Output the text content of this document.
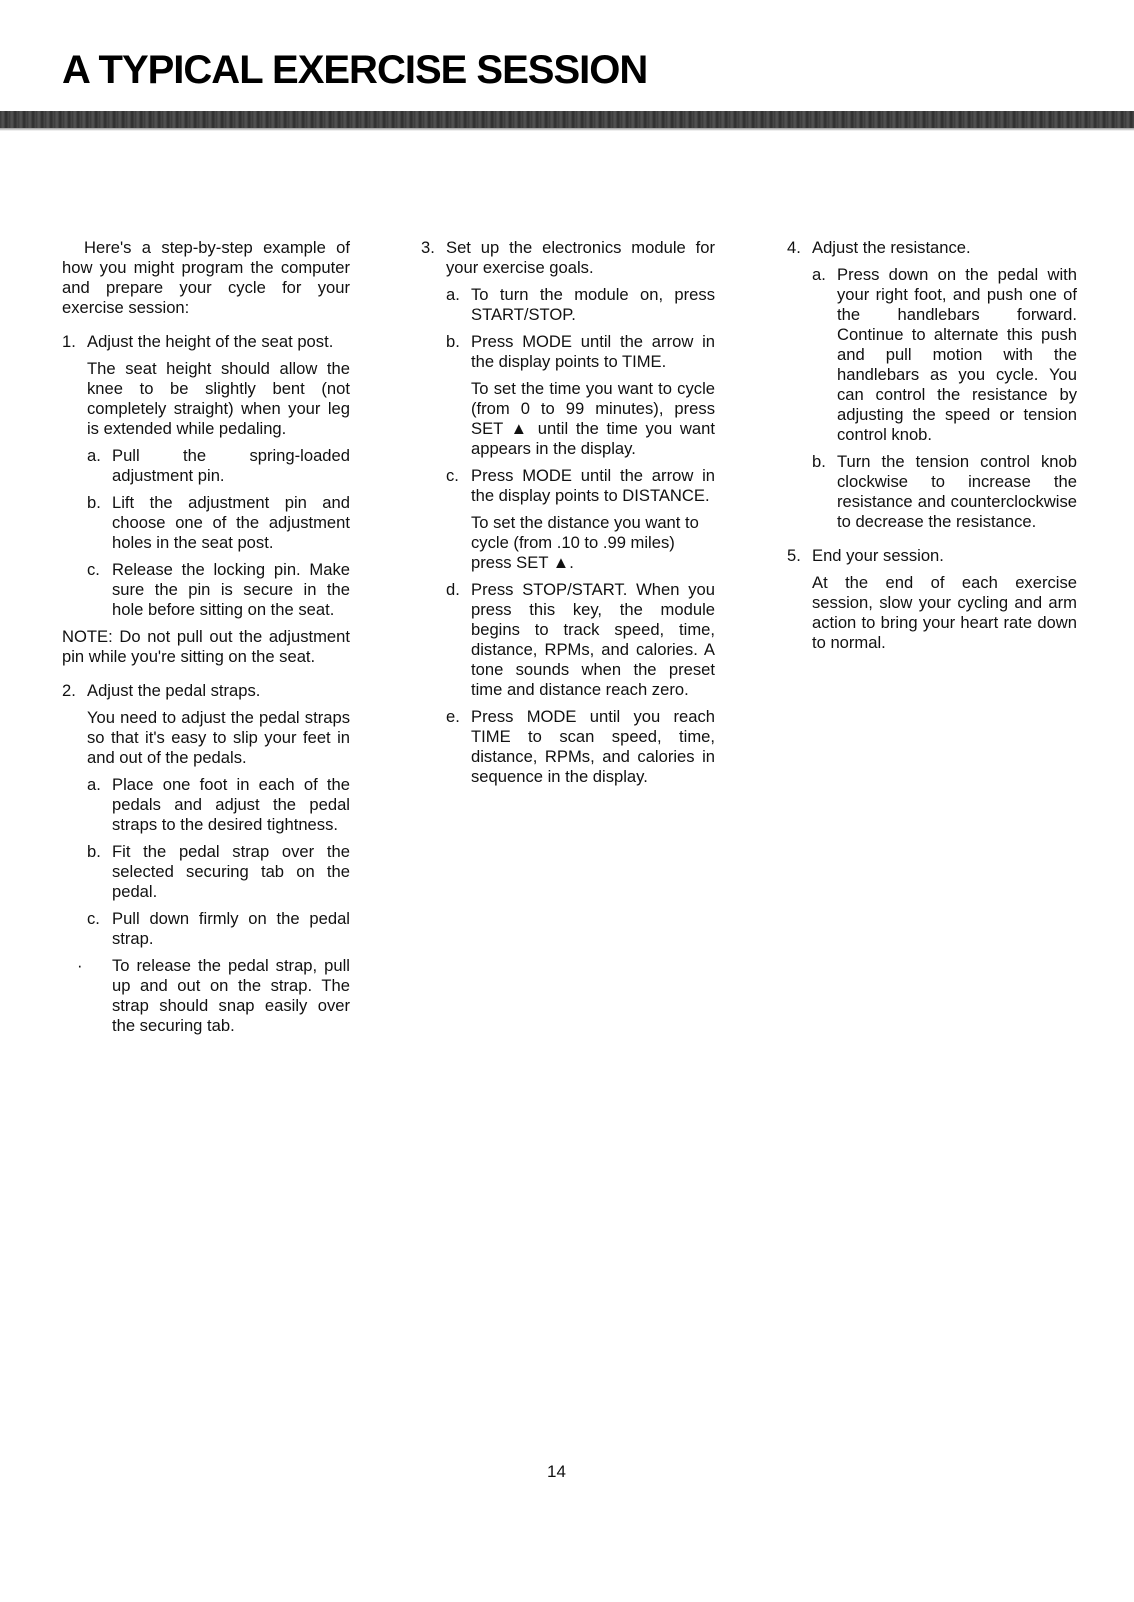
A TYPICAL EXERCISE SESSION

Here's a step-by-step example of how you might program the computer and prepare your cycle for your exercise session:

1. Adjust the height of the seat post.

The seat height should allow the knee to be slightly bent (not completely straight) when your leg is extended while pedaling.

a. Pull the spring-loaded adjustment pin.

b. Lift the adjustment pin and choose one of the adjustment holes in the seat post.

c. Release the locking pin. Make sure the pin is secure in the hole before sitting on the seat.

NOTE: Do not pull out the adjustment pin while you're sitting on the seat.

2. Adjust the pedal straps.

You need to adjust the pedal straps so that it's easy to slip your feet in and out of the pedals.

a. Place one foot in each of the pedals and adjust the pedal straps to the desired tightness.

b. Fit the pedal strap over the selected securing tab on the pedal.

c. Pull down firmly on the pedal strap.

· To release the pedal strap, pull up and out on the strap. The strap should snap easily over the securing tab.

3. Set up the electronics module for your exercise goals.

a. To turn the module on, press START/STOP.

b. Press MODE until the arrow in the display points to TIME.

To set the time you want to cycle (from 0 to 99 minutes), press SET ▲ until the time you want appears in the display.

c. Press MODE until the arrow in the display points to DISTANCE.

To set the distance you want to cycle (from .10 to .99 miles) press SET ▲.

d. Press STOP/START. When you press this key, the module begins to track speed, time, distance, RPMs, and calories. A tone sounds when the preset time and distance reach zero.

e. Press MODE until you reach TIME to scan speed, time, distance, RPMs, and calories in sequence in the display.

4. Adjust the resistance.

a. Press down on the pedal with your right foot, and push one of the handlebars forward. Continue to alternate this push and pull motion with the handlebars as you cycle. You can control the resistance by adjusting the speed or tension control knob.

b. Turn the tension control knob clockwise to increase the resistance and counterclockwise to decrease the resistance.

5. End your session.

At the end of each exercise session, slow your cycling and arm action to bring your heart rate down to normal.

14
